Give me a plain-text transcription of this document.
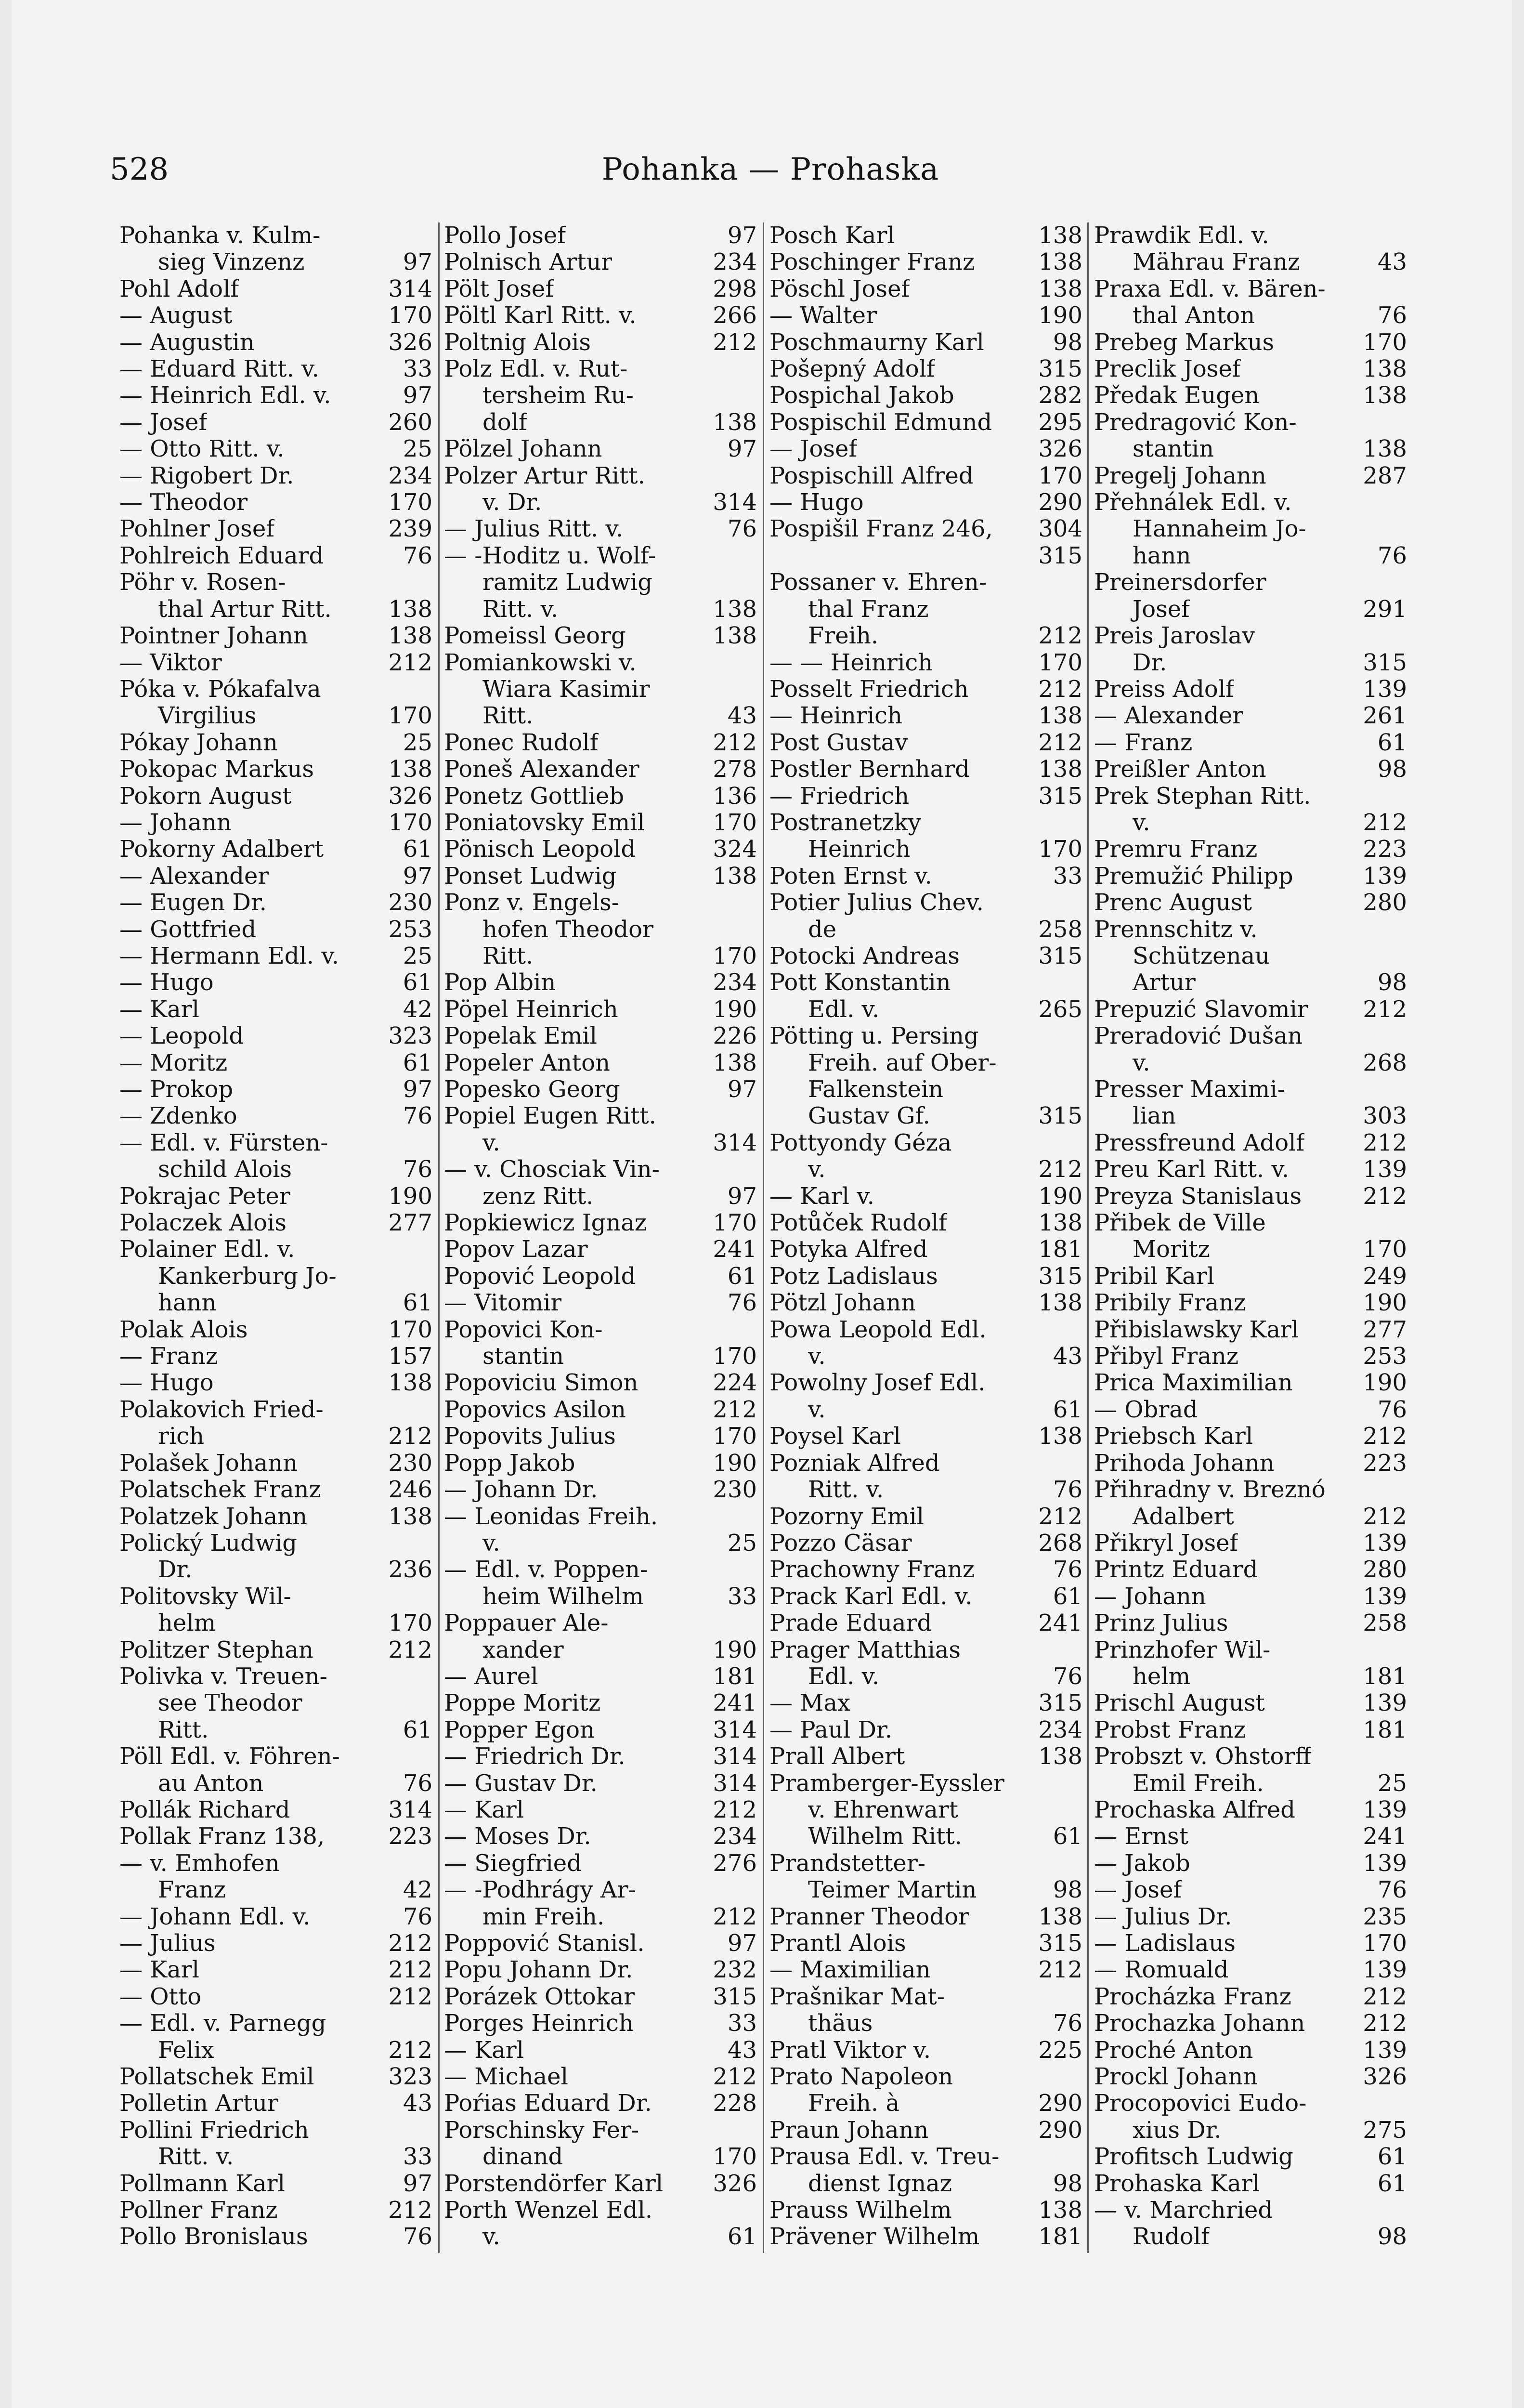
528	Pohanka — Prohaska
Pohanka v. Kulm-
sieg Vinzenz	97
Pohl Adolf	314
— August	170
— Augustin	326
— Eduard Ritt. v.	33
— Heinrich Edl. v.	97
— Josef	260
— Otto Ritt. v.	25
— Rigobert Dr.	234
— Theodor	170
Pohlner Josef	239
Pohlreich Eduard	76
Pöhr v. Rosen-
thal Artur Ritt. 138
Pointner Johann	138
— Viktor	212
Póka v. Pókafalva
Virgilius	170
Pókay Johann	25
Pokopac Markus	138
Pokorn August	326
— Johann	170
Pokorny Adalbert	61
— Alexander	97
— Eugen Dr.	230
— Gottfried	253
— Hermann Edl. v.	25
— Hugo	61
— Karl	42
— Leopold	323
— Moritz	61
— Prokop	97
— Zdenko	76
— Edl. v. Fürsten-
schild Alois	76
Pokrajac Peter	190
Polaczek Alois	277
Polainer Edl. v.
Kankerburg Jo-
hann	61
Polak Alois	170
— Franz	157
— Hugo	138
Polakovich Fried-
rich	212
Polašek Johann	230
Polatschek Franz	246
Polatzek Johann	138
Polický Ludwig
Dr.	236
Politovsky Wil-
helm	170
Politzer Stephan	212
Polivka v. Treuen-
see Theodor
Ritt.	61
Pöll Edl. v. Föhren-
au Anton	76
Pollák Richard	314
Pollak Franz 138,	223
— v. Emhofen
Franz	42
— Johann Edl. v.	76
— Julius	212
— Karl	212
— Otto	212
— Edl. v. Parnegg
Felix	212
Pollatschek Emil	323
Polletin Artur	43
Pollini Friedrich
Ritt. v.	33
Pollmann Karl	97
Pollner Franz	212
Pollo Bronislaus	76
Pollo Josef	97
Polnisch Artur	234
Pölt Josef	298
Pöltl Karl Ritt. v.	266
Poltnig Alois	212
Polz Edl. v. Rut-
tersheim Ru-
dolf	138
Pölzel Johann	97
Polzer Artur Ritt.
v. Dr.	314
— Julius Ritt. v.	76
— -Hoditz u. Wolf-
ramitz Ludwig
Ritt. v.	138
Pomeissl Georg	138
Pomiankowski v.
Wiara Kasimir
Ritt.	43
Ponec Rudolf	212
Poneš Alexander	278
Ponetz Gottlieb	136
Poniatovsky Emil	170
Pönisch Leopold	324
Ponset Ludwig	138
Ponz v. Engels-
hofen Theodor
Ritt.	170
Pop Albin	234
Pöpel Heinrich	190
Popelak Emil	226
Popeler Anton	138
Popesko Georg	97
Popiel Eugen Ritt.
v.	314
— v. Chosciak Vin-
zenz Ritt.	97
Popkiewicz Ignaz	170
Popov Lazar	241
Popović Leopold	61
— Vitomir	76
Popovici Kon-
stantin	170
Popoviciu Simon	224
Popovics Asilon	212
Popovits Julius	170
Popp Jakob	190
— Johann Dr.	230
— Leonidas Freih.
v.	25
— Edl. v. Poppen-
heim Wilhelm	33
Poppauer Ale-
xander	190
— Aurel	181
Poppe Moritz	241
Popper Egon	314
— Friedrich Dr.	314
— Gustav Dr.	314
— Karl	212
— Moses Dr.	234
— Siegfried	276
— -Podhrágy Ar-
min Freih.	212
Poppović Stanisl.	97
Popu Johann Dr.	232
Porázek Ottokar	315
Porges Heinrich	33
— Karl	43
— Michael	212
Poŕias Eduard Dr.	228
Porschinsky Fer-
dinand	170
Porstendörfer Karl 326
Porth Wenzel Edl.
v.	61
Posch Karl	138
Poschinger Franz	138
Pöschl Josef	138
— Walter	190
Poschmaurny Karl	98
Pošepný Adolf	315
Pospichal Jakob	282
Pospischil Edmund 295
— Josef	326
Pospischill Alfred	170
— Hugo	290
Pospišil Franz 246, 304
315
Possaner v. Ehren-
thal Franz
Freih.	212
— — Heinrich	170
Posselt Friedrich	212
— Heinrich	138
Post Gustav	212
Postler Bernhard	138
— Friedrich	315
Postranetzky
Heinrich	170
Poten Ernst v.	33
Potier Julius Chev.
de	258
Potocki Andreas	315
Pott Konstantin
Edl. v.	265
Pötting u. Persing
Freih. auf Ober-
Falkenstein
Gustav Gf.	315
Pottyondy Géza
v.	212
— Karl v.	190
Potůček Rudolf	138
Potyka Alfred	181
Potz Ladislaus	315
Pötzl Johann	138
Powa Leopold Edl.
v.	43
Powolny Josef Edl.
v.	61
Poysel Karl	138
Pozniak Alfred
Ritt. v.	76
Pozorny Emil	212
Pozzo Cäsar	268
Prachowny Franz	76
Prack Karl Edl. v.	61
Prade Eduard	241
Prager Matthias
Edl. v.	76
— Max	315
— Paul Dr.	234
Prall Albert	138
Pramberger-Eyssler
v. Ehrenwart
Wilhelm Ritt.	61
Prandstetter-
Teimer Martin	98
Pranner Theodor	138
Prantl Alois	315
— Maximilian	212
Prašnikar Mat-
thäus	76
Pratl Viktor v.	225
Prato Napoleon
Freih. à	290
Praun Johann	290
Prausa Edl. v. Treu-
dienst Ignaz	98
Prauss Wilhelm	138
Prävener Wilhelm	181
Prawdik Edl. v.
Mährau Franz	43
Praxa Edl. v. Bären-
thal Anton	76
Prebeg Markus	170
Preclik Josef	138
Předak Eugen	138
Predragović Kon-
stantin	138
Pregelj Johann	287
Přehnálek Edl. v.
Hannaheim Jo-
hann	76
Preinersdorfer
Josef	291
Preis Jaroslav
Dr.	315
Preiss Adolf	139
— Alexander	261
— Franz	61
Preißler Anton	98
Prek Stephan Ritt.
v.	212
Premru Franz	223
Premužić Philipp	139
Prenc August	280
Prennschitz v.
Schützenau
Artur	98
Prepuzić Slavomir 212
Preradović Dušan
v.	268
Presser Maximi-
lian	303
Pressfreund Adolf	212
Preu Karl Ritt. v.	139
Preyza Stanislaus	212
Přibek de Ville
Moritz	170
Pribil Karl	249
Pribily Franz	190
Přibislawsky Karl	277
Přibyl Franz	253
Prica Maximilian	190
— Obrad	76
Priebsch Karl	212
Prihoda Johann	223
Přihradny v. Breznó
Adalbert	212
Přikryl Josef	139
Printz Eduard	280
— Johann	139
Prinz Julius	258
Prinzhofer Wil-
helm	181
Prischl August	139
Probst Franz	181
Probszt v. Ohstorff
Emil Freih.	25
Prochaska Alfred	139
— Ernst	241
— Jakob	139
— Josef	76
— Julius Dr.	235
— Ladislaus	170
— Romuald	139
Procházka Franz	212
Prochazka Johann	212
Proché Anton	139
Prockl Johann	326
Procopovici Eudo-
xius Dr.	275
Profitsch Ludwig	61
Prohaska Karl	61
— v. Marchried
Rudolf	98
